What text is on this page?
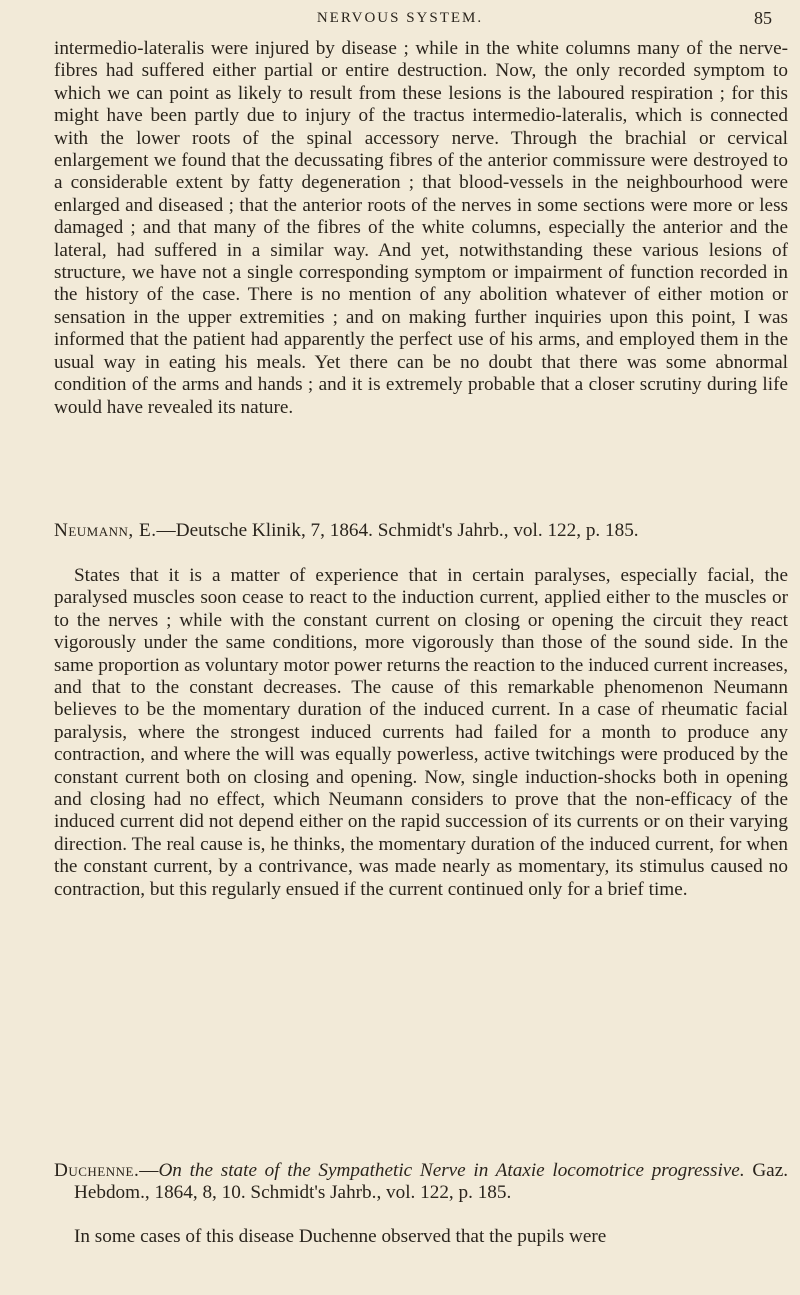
NERVOUS SYSTEM.	85

intermedio-lateralis were injured by disease ; while in the white columns many of the nerve-fibres had suffered either partial or entire destruction. Now, the only recorded symptom to which we can point as likely to result from these lesions is the laboured respiration ; for this might have been partly due to injury of the tractus intermedio-lateralis, which is connected with the lower roots of the spinal accessory nerve. Through the brachial or cervical enlargement we found that the decussating fibres of the anterior commissure were destroyed to a considerable extent by fatty degeneration ; that blood-vessels in the neighbourhood were enlarged and diseased ; that the anterior roots of the nerves in some sections were more or less damaged ; and that many of the fibres of the white columns, especially the anterior and the lateral, had suffered in a similar way. And yet, notwithstanding these various lesions of structure, we have not a single corresponding symptom or impairment of function recorded in the history of the case. There is no mention of any abolition whatever of either motion or sensation in the upper extremities ; and on making further inquiries upon this point, I was informed that the patient had apparently the perfect use of his arms, and employed them in the usual way in eating his meals. Yet there can be no doubt that there was some abnormal condition of the arms and hands ; and it is extremely probable that a closer scrutiny during life would have revealed its nature.

Neumann, E.—Deutsche Klinik, 7, 1864. Schmidt's Jahrb., vol. 122, p. 185.

States that it is a matter of experience that in certain paralyses, especially facial, the paralysed muscles soon cease to react to the induction current, applied either to the muscles or to the nerves ; while with the constant current on closing or opening the circuit they react vigorously under the same conditions, more vigorously than those of the sound side. In the same proportion as voluntary motor power returns the reaction to the induced current increases, and that to the constant decreases. The cause of this remarkable phenomenon Neumann believes to be the momentary duration of the induced current. In a case of rheumatic facial paralysis, where the strongest induced currents had failed for a month to produce any contraction, and where the will was equally powerless, active twitchings were produced by the constant current both on closing and opening. Now, single induction-shocks both in opening and closing had no effect, which Neumann considers to prove that the non-efficacy of the induced current did not depend either on the rapid succession of its currents or on their varying direction. The real cause is, he thinks, the momentary duration of the induced current, for when the constant current, by a contrivance, was made nearly as momentary, its stimulus caused no contraction, but this regularly ensued if the current continued only for a brief time.

Duchenne.—On the state of the Sympathetic Nerve in Ataxie locomotrice progressive. Gaz. Hebdom., 1864, 8, 10. Schmidt's Jahrb., vol. 122, p. 185.

In some cases of this disease Duchenne observed that the pupils were
